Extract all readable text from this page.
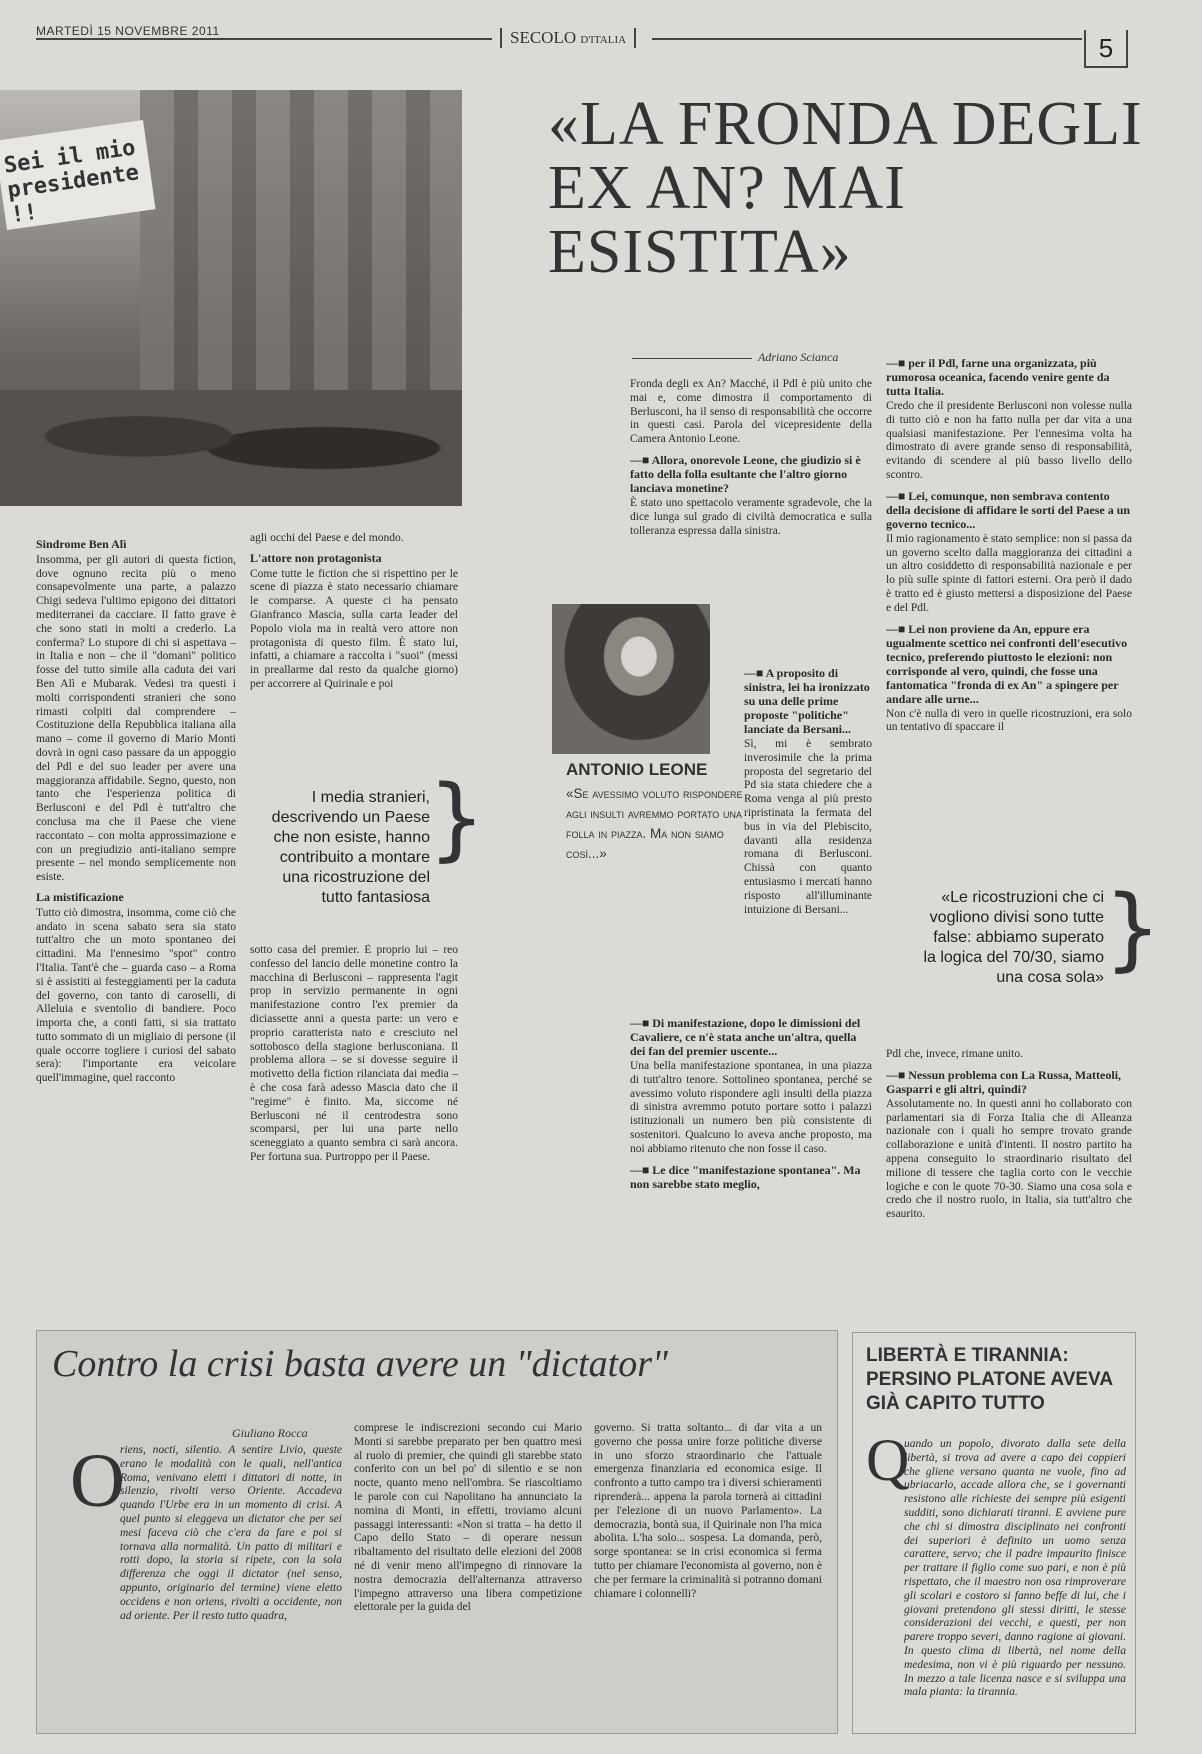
MARTEDÌ 15 NOVEMBRE 2011	SECOLO D'ITALIA	5
Sei il mio presidente !!
«LA FRONDA DEGLI EX AN? MAI ESISTITA»
Adriano Scianca
Sindrome Ben Alì

Insomma, per gli autori di questa fiction, dove ognuno recita più o meno consapevolmente una parte, a palazzo Chigi sedeva l'ultimo epigono dei dittatori mediterranei da cacciare. Il fatto grave è che sono stati in molti a crederlo. La conferma? Lo stupore di chi si aspettava – in Italia e non – che il "domani" politico fosse del tutto simile alla caduta dei vari Ben Alì e Mubarak. Vedesi tra questi i molti corrispondenti stranieri che sono rimasti colpiti dal comprendere – Costituzione della Repubblica italiana alla mano – come il governo di Mario Monti dovrà in ogni caso passare da un appoggio del Pdl e del suo leader per avere una maggioranza affidabile. Segno, questo, non tanto che l'esperienza politica di Berlusconi e del Pdl è tutt'altro che conclusa ma che il Paese che viene raccontato – con molta approssimazione e con un pregiudizio anti-italiano sempre presente – nel mondo semplicemente non esiste.

La mistificazione

Tutto ciò dimostra, insomma, come ciò che andato in scena sabato sera sia stato tutt'altro che un moto spontaneo dei cittadini. Ma l'ennesimo "spot" contro l'Italia. Tant'è che – guarda caso – a Roma si è assistiti ai festeggiamenti per la caduta del governo, con tanto di caroselli, di Alleluia e sventolio di bandiere. Poco importa che, a conti fatti, si sia trattato tutto sommato di un migliaio di persone (il quale occorre togliere i curiosi del sabato sera): l'importante era veicolare quell'immagine, quel racconto

agli occhi del Paese e del mondo.

L'attore non protagonista

Come tutte le fiction che si rispettino per le scene di piazza è stato necessario chiamare le comparse. A queste ci ha pensato Gianfranco Mascia, sulla carta leader del Popolo viola ma in realtà vero attore non protagonista di questo film. È stato lui, infatti, a chiamare a raccolta i "suoi" (messi in preallarme dal resto da qualche giorno) per accorrere al Quirinale e poi

I media stranieri, descrivendo un Paese che non esiste, hanno contribuito a montare una ricostruzione del tutto fantasiosa
}

sotto casa del premier. È proprio lui – reo confesso del lancio delle monetine contro la macchina di Berlusconi – rappresenta l'agit prop in servizio permanente in ogni manifestazione contro l'ex premier da diciassette anni a questa parte: un vero e proprio caratterista nato e cresciuto nel sottobosco della stagione berlusconiana. Il problema allora – se si dovesse seguire il motivetto della fiction rilanciata dai media – è che cosa farà adesso Mascia dato che il "regime" è finito. Ma, siccome né Berlusconi né il centrodestra sono scomparsi, per lui una parte nello sceneggiato a quanto sembra ci sarà ancora. Per fortuna sua. Purtroppo per il Paese.

Fronda degli ex An? Macché, il Pdl è più unito che mai e, come dimostra il comportamento di Berlusconi, ha il senso di responsabilità che occorre in questi casi. Parola del vicepresidente della Camera Antonio Leone.

—■ Allora, onorevole Leone, che giudizio si è fatto della folla esultante che l'altro giorno lanciava monetine?

È stato uno spettacolo veramente sgradevole, che la dice lunga sul grado di civiltà democratica e sulla tolleranza espressa dalla sinistra.

ANTONIO LEONE
«Se avessimo voluto rispondere agli insulti avremmo portato una folla in piazza. Ma non siamo così...»
—■ A proposito di sinistra, lei ha ironizzato su una delle prime proposte "politiche" lanciate da Bersani...

Sì, mi è sembrato inverosimile che la prima proposta del segretario del Pd sia stata chiedere che a Roma venga al più presto ripristinata la fermata del bus in via del Plebiscito, davanti alla residenza romana di Berlusconi. Chissà con quanto entusiasmo i mercati hanno risposto all'illuminante intuizione di Bersani...

—■ Di manifestazione, dopo le dimissioni del Cavaliere, ce n'è stata anche un'altra, quella dei fan del premier uscente...

Una bella manifestazione spontanea, in una piazza di tutt'altro tenore. Sottolineo spontanea, perché se avessimo voluto rispondere agli insulti della piazza di sinistra avremmo potuto portare sotto i palazzi istituzionali un numero ben più consistente di sostenitori. Qualcuno lo aveva anche proposto, ma noi abbiamo ritenuto che non fosse il caso.

—■ Le dice "manifestazione spontanea". Ma non sarebbe stato meglio,
—■ per il Pdl, farne una organizzata, più rumorosa oceanica, facendo venire gente da tutta Italia.

Credo che il presidente Berlusconi non volesse nulla di tutto ciò e non ha fatto nulla per dar vita a una qualsiasi manifestazione. Per l'ennesima volta ha dimostrato di avere grande senso di responsabilità, evitando di scendere al più basso livello dello scontro.

—■ Lei, comunque, non sembrava contento della decisione di affidare le sorti del Paese a un governo tecnico...

Il mio ragionamento è stato semplice: non si passa da un governo scelto dalla maggioranza dei cittadini a un altro cosiddetto di responsabilità nazionale e per lo più sulle spinte di fattori esterni. Ora però il dado è tratto ed è giusto mettersi a disposizione del Paese e del Pdl.

—■ Lei non proviene da An, eppure era ugualmente scettico nei confronti dell'esecutivo tecnico, preferendo piuttosto le elezioni: non corrisponde al vero, quindi, che fosse una fantomatica "fronda di ex An" a spingere per andare alle urne...

Non c'è nulla di vero in quelle ricostruzioni, era solo un tentativo di spaccare il

«Le ricostruzioni che ci vogliono divisi sono tutte false: abbiamo superato la logica del 70/30, siamo una cosa sola» }

Pdl che, invece, rimane unito.

—■ Nessun problema con La Russa, Matteoli, Gasparri e gli altri, quindi?

Assolutamente no. In questi anni ho collaborato con parlamentari sia di Forza Italia che di Alleanza nazionale con i quali ho sempre trovato grande collaborazione e unità d'intenti. Il nostro partito ha appena conseguito lo straordinario risultato del milione di tessere che taglia corto con le vecchie logiche e con le quote 70-30. Siamo una cosa sola e credo che il nostro ruolo, in Italia, sia tutt'altro che esaurito.

Contro la crisi basta avere un "dictator"
Giuliano Rocca
O

riens, nocti, silentio. A sentire Livio, queste erano le modalità con le quali, nell'antica Roma, venivano eletti i dittatori di notte, in silenzio, rivolti verso Oriente. Accadeva quando l'Urbe era in un momento di crisi. A quel punto si eleggeva un dictator che per sei mesi faceva ciò che c'era da fare e poi si tornava alla normalità. Un patto di militari e rotti dopo, la storia si ripete, con la sola differenza che oggi il dictator (nel senso, appunto, originario del termine) viene eletto occidens e non oriens, rivolti a occidente, non ad oriente. Per il resto tutto quadra,

comprese le indiscrezioni secondo cui Mario Monti si sarebbe preparato per ben quattro mesi al ruolo di premier, che quindi gli starebbe stato conferito con un bel po' di silentio e se non nocte, quanto meno nell'ombra. Se riascoltiamo le parole con cui Napolitano ha annunciato la nomina di Monti, in effetti, troviamo alcuni passaggi interessanti: «Non si tratta – ha detto il Capo dello Stato – di operare nessun ribaltamento del risultato delle elezioni del 2008 né di venir meno all'impegno di rinnovare la nostra democrazia dell'alternanza attraverso l'impegno attraverso una libera competizione elettorale per la guida del

governo. Si tratta soltanto... di dar vita a un governo che possa unire forze politiche diverse in uno sforzo straordinario che l'attuale emergenza finanziaria ed economica esige. Il confronto a tutto campo tra i diversi schieramenti riprenderà... appena la parola tornerà ai cittadini per l'elezione di un nuovo Parlamento». La democrazia, bontà sua, il Quirinale non l'ha mica abolita. L'ha solo... sospesa. La domanda, però, sorge spontanea: se in crisi economica si ferma tutto per chiamare l'economista al governo, non è che per fermare la criminalità si potranno domani chiamare i colonnelli?

LIBERTÀ E TIRANNIA: PERSINO PLATONE AVEVA GIÀ CAPITO TUTTO
Q

uando un popolo, divorato dalla sete della libertà, si trova ad avere a capo dei coppieri che gliene versano quanta ne vuole, fino ad ubriacarlo, accade allora che, se i governanti resistono alle richieste dei sempre più esigenti sudditi, sono dichiarati tiranni. E avviene pure che chi si dimostra disciplinato nei confronti dei superiori è definito un uomo senza carattere, servo; che il padre impaurito finisce per trattare il figlio come suo pari, e non è più rispettato, che il maestro non osa rimproverare gli scolari e costoro si fanno beffe di lui, che i giovani pretendono gli stessi diritti, le stesse considerazioni dei vecchi, e questi, per non parere troppo severi, danno ragione ai giovani. In questo clima di libertà, nel nome della medesima, non vi è più riguardo per nessuno. In mezzo a tale licenza nasce e si sviluppa una mala pianta: la tirannia.
